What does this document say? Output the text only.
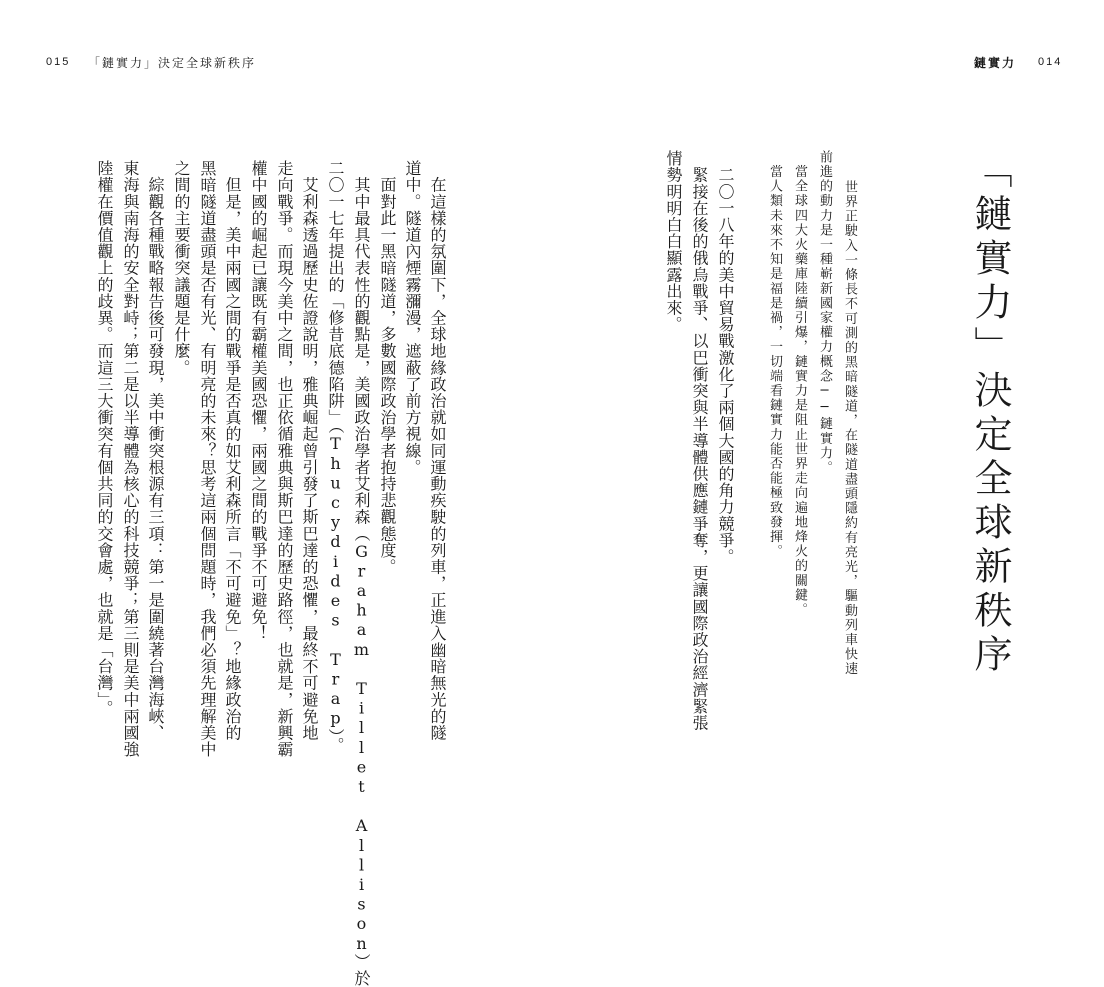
015 「鏈實力」決定全球新秩序	鏈實力 014
「鏈實力」決定全球新秩序
世界正駛入一條長不可測的黑暗隧道，在隧道盡頭隱約有亮光，驅動列車快速
前進的動力是一種嶄新國家權力概念──鏈實力。
　當全球四大火藥庫陸續引爆，鏈實力是阻止世界走向遍地烽火的關鍵。
　當人類未來不知是福是禍，一切端看鏈實力能否能極致發揮。
　二〇一八年的美中貿易戰激化了兩個大國的角力競爭。
　緊接在後的俄烏戰爭、以巴衝突與半導體供應鏈爭奪，更讓國際政治經濟緊張
情勢明明白白顯露出來。
　在這樣的氛圍下，全球地緣政治就如同運動疾駛的列車，正進入幽暗無光的隧
道中。隧道內煙霧瀰漫，遮蔽了前方視線。
　面對此一黑暗隧道，多數國際政治學者抱持悲觀態度。
　其中最具代表性的觀點是，美國政治學者艾利森（Graham Tillet Allison）於
二〇一七年提出的「修昔底德陷阱」（Thucydides Trap）。
　艾利森透過歷史佐證說明，雅典崛起曾引發了斯巴達的恐懼，最終不可避免地
走向戰爭。而現今美中之間，也正依循雅典與斯巴達的歷史路徑，也就是，新興霸
權中國的崛起已讓既有霸權美國恐懼，兩國之間的戰爭不可避免！
　但是，美中兩國之間的戰爭是否真的如艾利森所言「不可避免」？地緣政治的
黑暗隧道盡頭是否有光、有明亮的未來？思考這兩個問題時，我們必須先理解美中
之間的主要衝突議題是什麼。
　綜觀各種戰略報告後可發現，美中衝突根源有三項：第一是圍繞著台灣海峽、
東海與南海的安全對峙；第二是以半導體為核心的科技競爭；第三則是美中兩國強
陸權在價值觀上的歧異。而這三大衝突有個共同的交會處，也就是「台灣」。
